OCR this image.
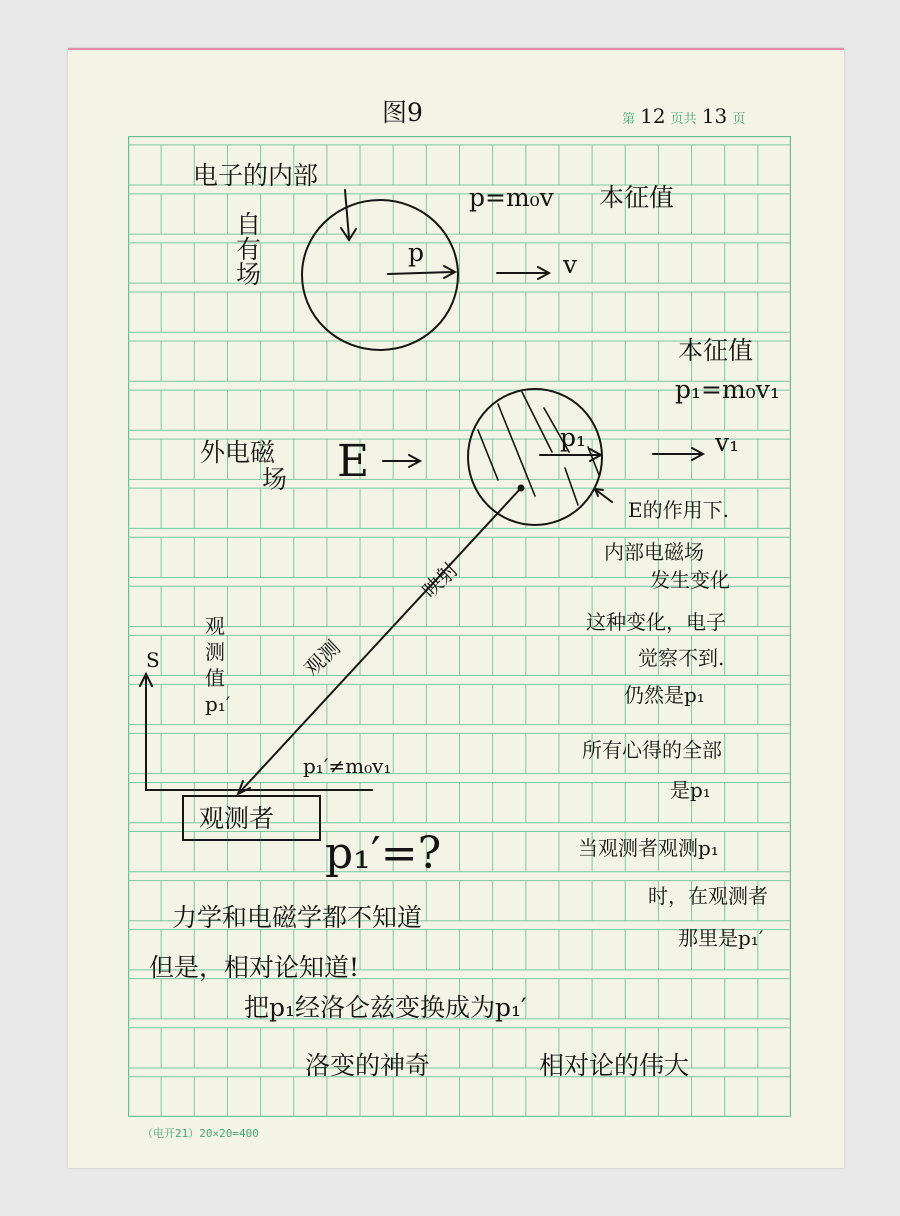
图9	第 12 页共 13 页
电子的内部
自
有
场
p=m₀v 本征值
p	v
本征值
p₁=m₀v₁
外电磁
场 E	p₁	v₁
E的作用下.
内部电磁场
发生变化
这种变化，电子
觉察不到.
仍然是p₁
所有心得的全部
是p₁
当观测者观测p₁
时，在观测者
那里是p₁′
观测
映射
S
观
测
值
p₁′
p₁′≠m₀v₁
观测者
p₁′=?
力学和电磁学都不知道
但是，相对论知道!
把p₁经洛仑兹变换成为p₁′
洛变的神奇	相对论的伟大
（电开21）20×20=400
